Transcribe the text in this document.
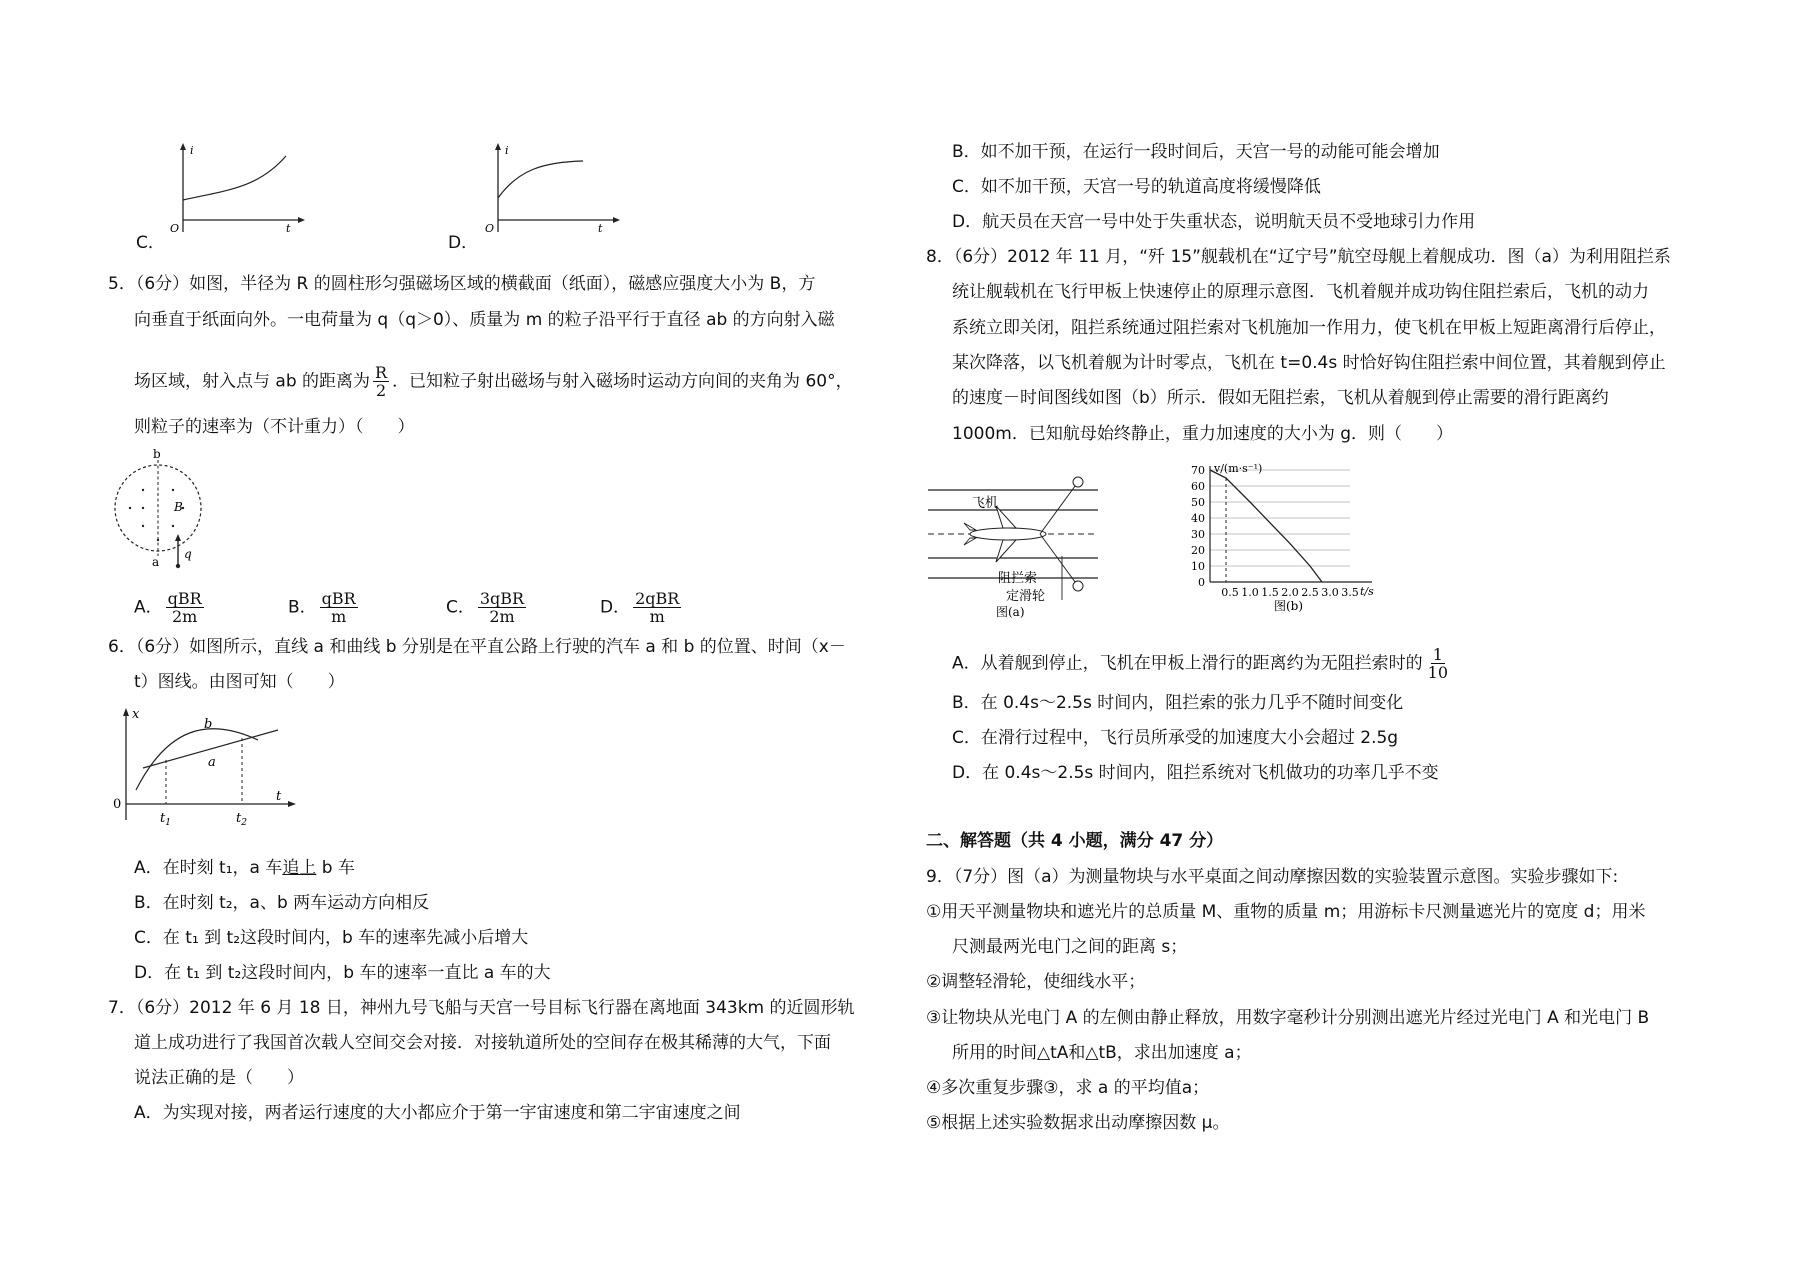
i
t
O
C．
i
t
O
D．
5．（6分）如图，半径为 R 的圆柱形匀强磁场区域的横截面（纸面），磁感应强度大小为 B，方
向垂直于纸面向外。一电荷量为 q（q＞0）、质量为 m 的粒子沿平行于直径 ab 的方向射入磁
场区域，射入点与 ab 的距离为 $\frac{R}{2}$ ．已知粒子射出磁场与射入磁场时运动方向间的夹角为 60°，
则粒子的速率为（不计重力）（　　）
b
a
B
q
A． $\frac{\text{qBR}}{2m}$	B． $\frac{\text{qBR}}{m}$	C． $\frac{\text{3qBR}}{2m}$	D． $\frac{\text{2qBR}}{m}$
6．（6分）如图所示，直线 a 和曲线 b 分别是在平直公路上行驶的汽车 a 和 b 的位置、时间（x－
t）图线。由图可知（　　）
x
t
0
a
b
$t_1$	$t_2$
A．在时刻 t₁，a 车追上 b 车
B．在时刻 t₂，a、b 两车运动方向相反
C．在 t₁ 到 t₂这段时间内，b 车的速率先减小后增大
D．在 t₁ 到 t₂这段时间内，b 车的速率一直比 a 车的大
7．（6分）2012 年 6 月 18 日，神州九号飞船与天宫一号目标飞行器在离地面 343km 的近圆形轨
道上成功进行了我国首次载人空间交会对接．对接轨道所处的空间存在极其稀薄的大气，下面
说法正确的是（　　）
A．为实现对接，两者运行速度的大小都应介于第一宇宙速度和第二宇宙速度之间
B．如不加干预，在运行一段时间后，天宫一号的动能可能会增加
C．如不加干预，天宫一号的轨道高度将缓慢降低
D．航天员在天宫一号中处于失重状态，说明航天员不受地球引力作用
8．（6分）2012 年 11 月，“歼 15”舰载机在“辽宁号”航空母舰上着舰成功．图（a）为利用阻拦系
统让舰载机在飞行甲板上快速停止的原理示意图．飞机着舰并成功钩住阻拦索后，飞机的动力
系统立即关闭，阻拦系统通过阻拦索对飞机施加一作用力，使飞机在甲板上短距离滑行后停止，
某次降落，以飞机着舰为计时零点，飞机在 t=0.4s 时恰好钩住阻拦索中间位置，其着舰到停止
的速度－时间图线如图（b）所示．假如无阻拦索，飞机从着舰到停止需要的滑行距离约
1000m．已知航母始终静止，重力加速度的大小为 g．则（　　）
飞机
阻拦索
定滑轮
图(a)
70
60
50
40
30
20
10
0
0.5 1.0 1.5 2.0 2.5 3.0 3.5
v/(m·s⁻¹)
t/s
图(b)
A．从着舰到停止，飞机在甲板上滑行的距离约为无阻拦索时的 $\frac{1}{10}$
B．在 0.4s～2.5s 时间内，阻拦索的张力几乎不随时间变化
C．在滑行过程中，飞行员所承受的加速度大小会超过 2.5g
D．在 0.4s～2.5s 时间内，阻拦系统对飞机做功的功率几乎不变
二、解答题（共 4 小题，满分 47 分）
9．（7分）图（a）为测量物块与水平桌面之间动摩擦因数的实验装置示意图。实验步骤如下:
①用天平测量物块和遮光片的总质量 M、重物的质量 m；用游标卡尺测量遮光片的宽度 d；用米
尺测最两光电门之间的距离 s；
②调整轻滑轮，使细线水平；
③让物块从光电门 A 的左侧由静止释放，用数字毫秒计分别测出遮光片经过光电门 A 和光电门 B
所用的时间△tA和△tB，求出加速度 a；
④多次重复步骤③，求 a 的平均值a；
⑤根据上述实验数据求出动摩擦因数 μ。
